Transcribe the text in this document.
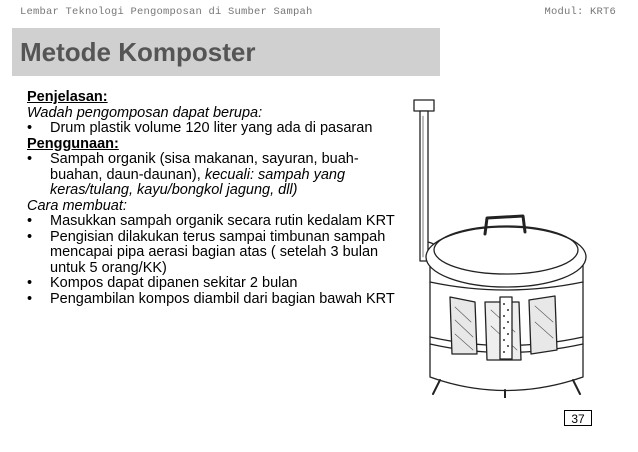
Lembar Teknologi Pengomposan di Sumber Sampah	Modul: KRT6
Metode Komposter

Penjelasan:

Wadah pengomposan dapat berupa:

• Drum plastik volume 120 liter yang ada di pasaran

Penggunaan:

• Sampah organik (sisa makanan, sayuran, buah-buahan, daun-daunan), kecuali: sampah yang keras/tulang, kayu/bongkol jagung, dll)

Cara membuat:

• Masukkan sampah organik secara rutin kedalam KRT
• Pengisian dilakukan terus sampai timbunan sampah mencapai pipa aerasi bagian atas ( setelah 3 bulan untuk 5 orang/KK)
• Kompos dapat dipanen sekitar 2 bulan
• Pengambilan kompos diambil dari bagian bawah KRT
37
